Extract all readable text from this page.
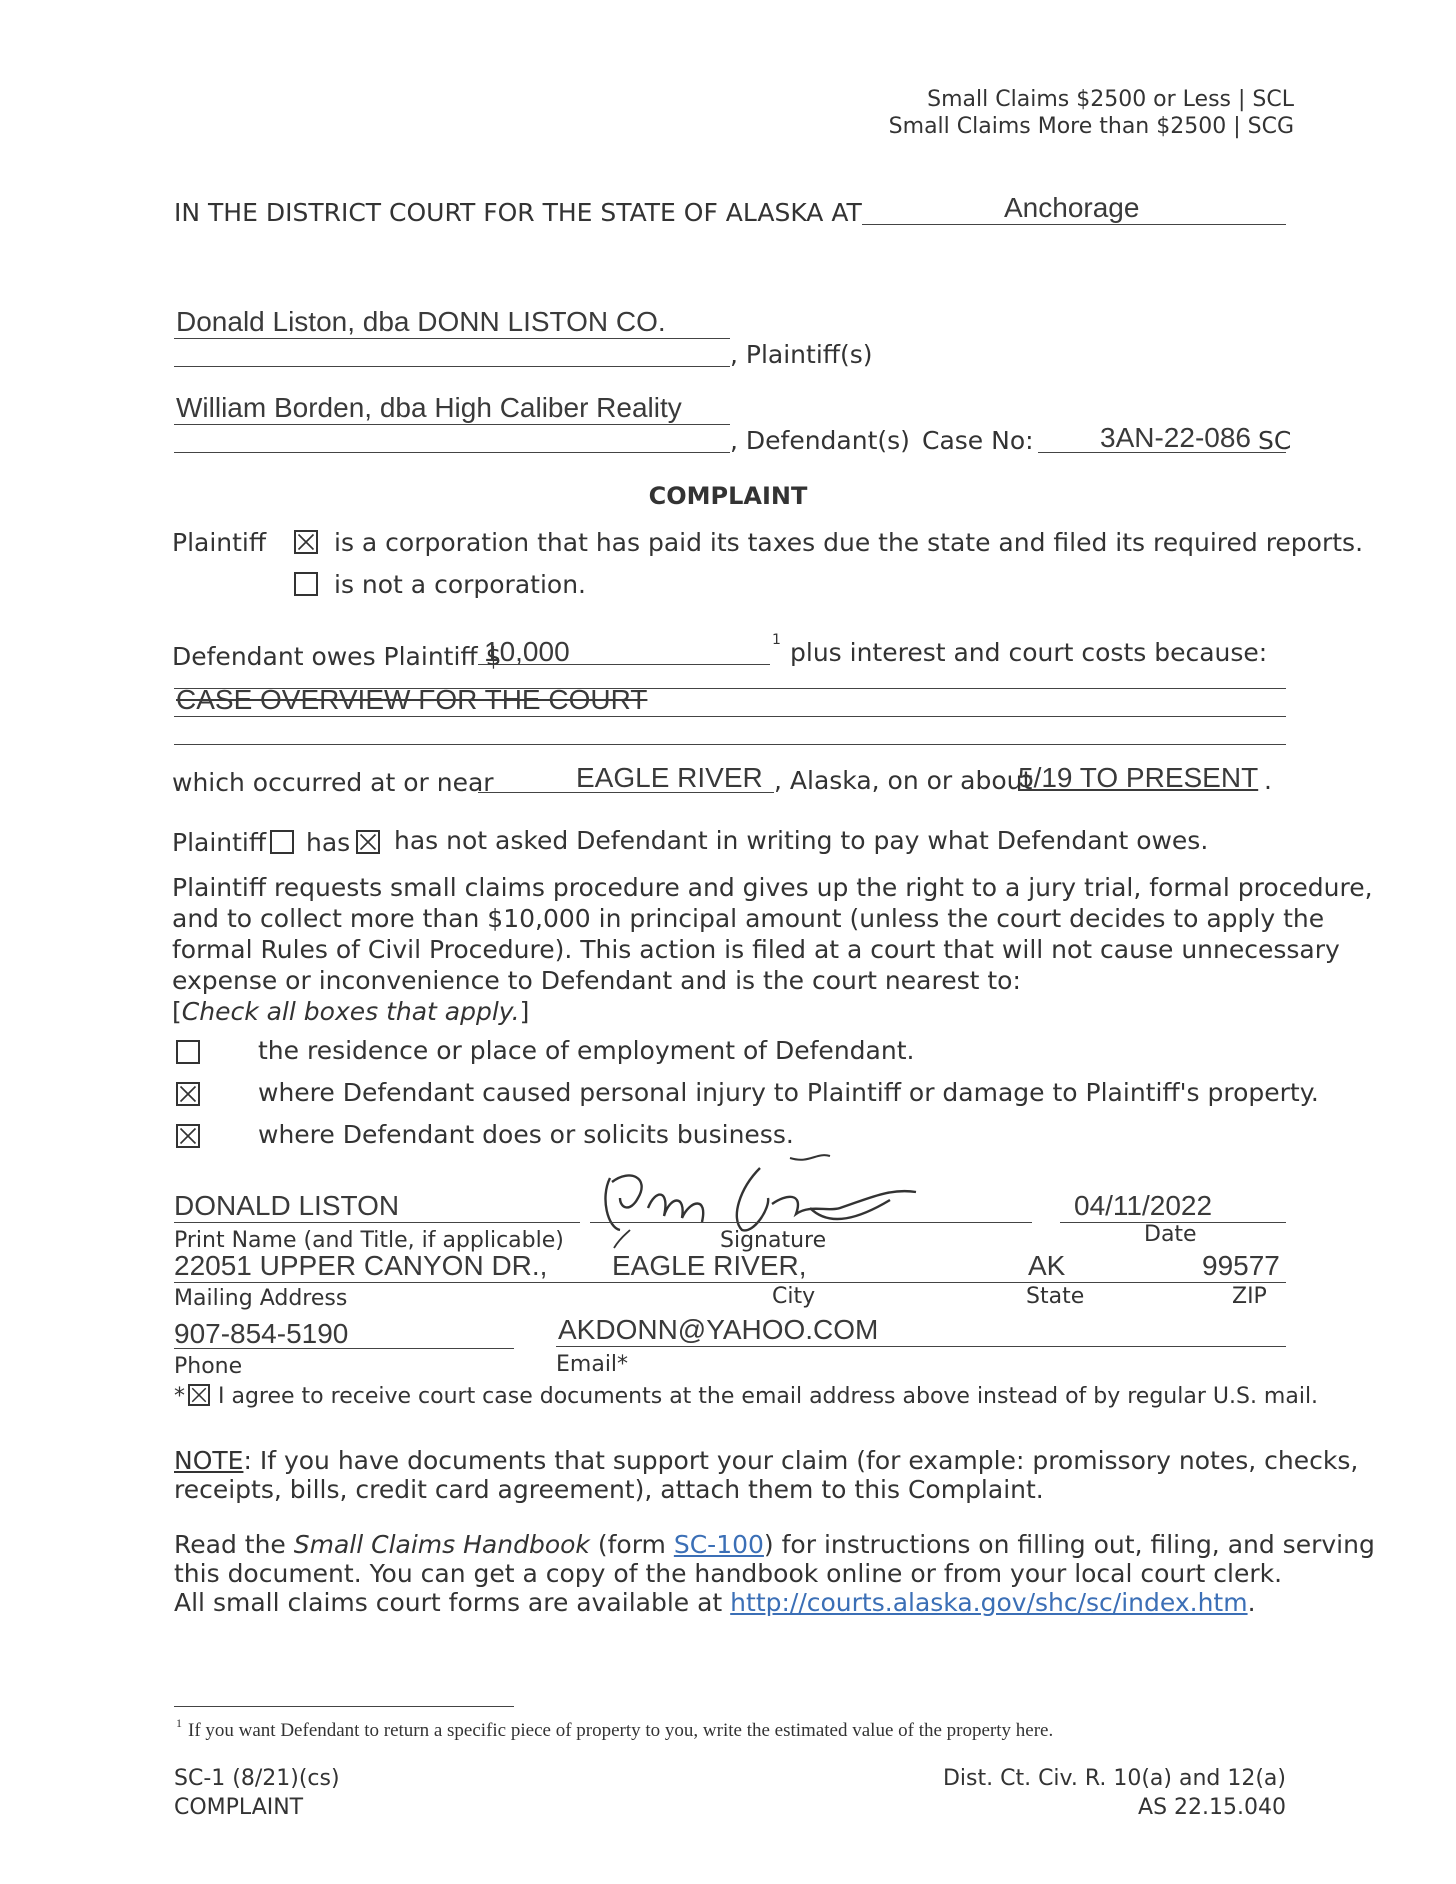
Small Claims $2500 or Less | SCL
Small Claims More than $2500 | SCG
IN THE DISTRICT COURT FOR THE STATE OF ALASKA AT	Anchorage
Donald Liston, dba DONN LISTON CO.
, Plaintiff(s)
William Borden, dba High Caliber Reality
, Defendant(s) Case No: 3AN-22-086 SC
COMPLAINT
Plaintiff	is a corporation that has paid its taxes due the state and filed its required reports.
is not a corporation.
Defendant owes Plaintiff $
10,000	1 plus interest and court costs because:
CASE OVERVIEW FOR THE COURT
which occurred at or near	EAGLE RIVER , Alaska, on or about
5/19 TO PRESENT .
Plaintiff has has not asked Defendant in writing to pay what Defendant owes.
Plaintiff requests small claims procedure and gives up the right to a jury trial, formal procedure,
and to collect more than $10,000 in principal amount (unless the court decides to apply the
formal Rules of Civil Procedure). This action is filed at a court that will not cause unnecessary
expense or inconvenience to Defendant and is the court nearest to:
[Check all boxes that apply.]
the residence or place of employment of Defendant.
where Defendant caused personal injury to Plaintiff or damage to Plaintiff's property.
where Defendant does or solicits business.
DONALD LISTON
Print Name (and Title, if applicable)	Signature
04/11/2022
Date
22051 UPPER CANYON DR., EAGLE RIVER,	AK	99577
Mailing Address	City	State	ZIP
907-854-5190
Phone
AKDONN@YAHOO.COM
Email*
* I agree to receive court case documents at the email address above instead of by regular U.S. mail.
NOTE: If you have documents that support your claim (for example: promissory notes, checks,
receipts, bills, credit card agreement), attach them to this Complaint.
Read the Small Claims Handbook (form SC-100) for instructions on filling out, filing, and serving
this document. You can get a copy of the handbook online or from your local court clerk.
All small claims court forms are available at http://courts.alaska.gov/shc/sc/index.htm.
1 If you want Defendant to return a specific piece of property to you, write the estimated value of the property here.
SC-1 (8/21)(cs)
COMPLAINT
Dist. Ct. Civ. R. 10(a) and 12(a)
AS 22.15.040
